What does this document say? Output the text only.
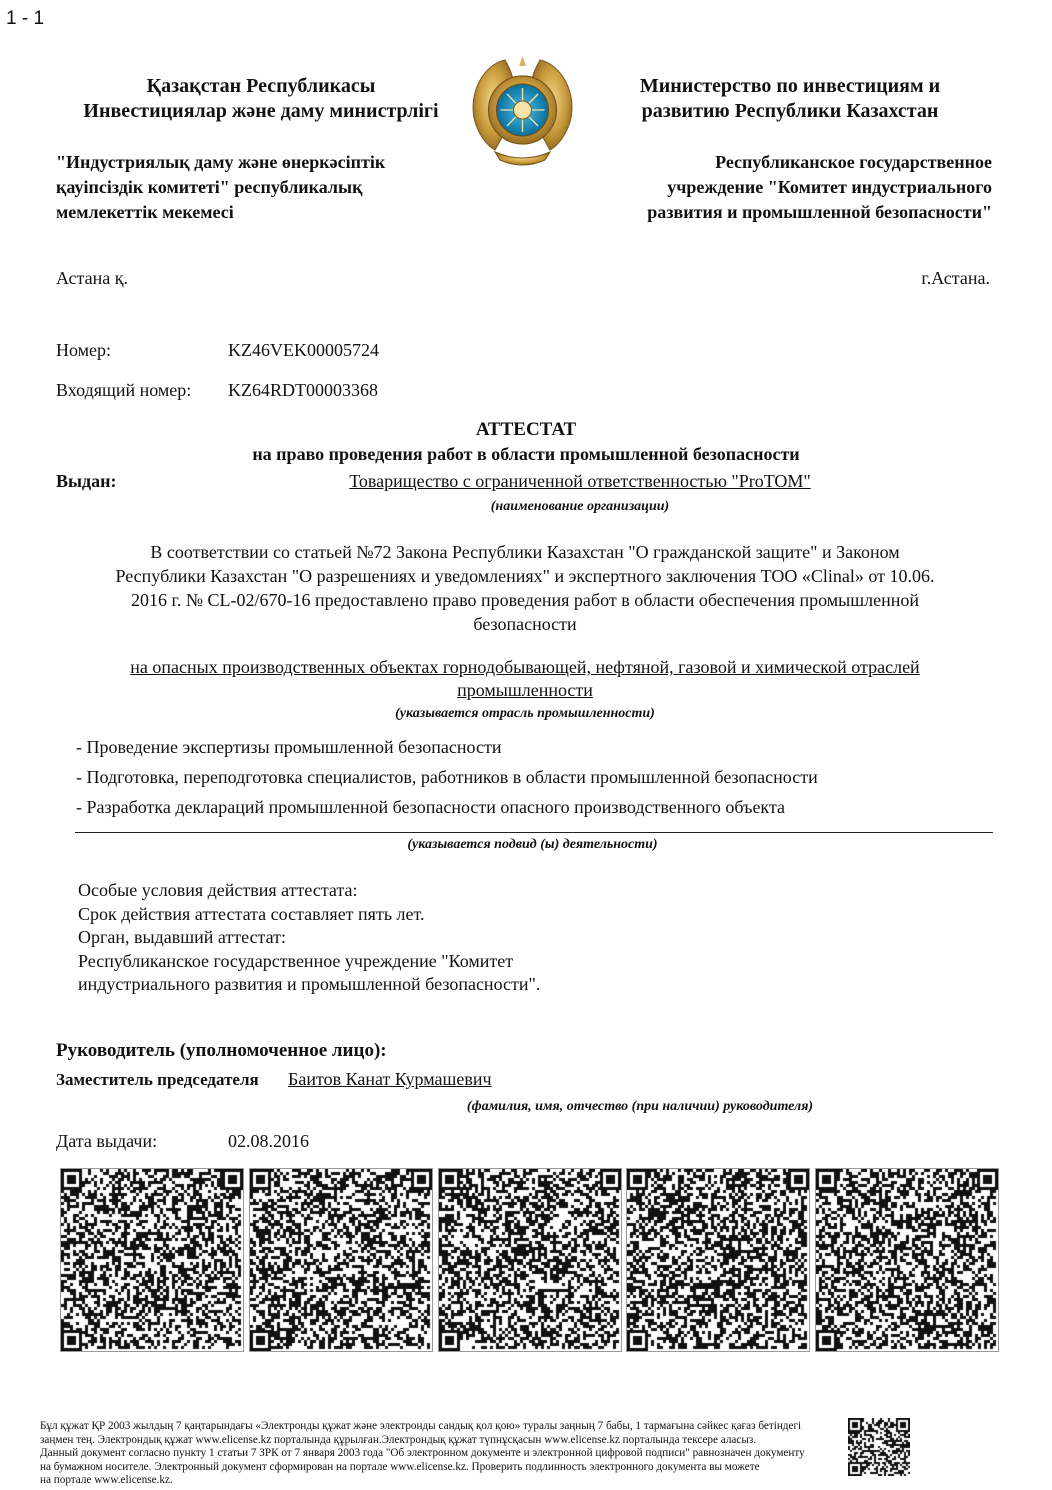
1 - 1
Қазақстан Республикасы
Инвестициялар және даму министрлігі
Министерство по инвестициям и
развитию Республики Казахстан
"Индустриялық даму және өнеркәсіптік
қауіпсіздік комитеті" республикалық
мемлекеттік мекемесі
Республиканское государственное
учреждение "Комитет индустриального
развития и промышленной безопасности"
Астана қ.	г.Астана.
Номер:	KZ46VEK00005724
Входящий номер: KZ64RDT00003368
АТТЕСТАТ
на право проведения работ в области промышленной безопасности
Выдан:	Товарищество с ограниченной ответственностью "ProTOM"
(наименование организации)
В соответствии со статьей №72 Закона Республики Казахстан "О гражданской защите" и Законом
Республики Казахстан "О разрешениях и уведомлениях" и экспертного заключения ТОО «Clinal» от 10.06.
2016 г. № CL-02/670-16 предоставлено право проведения работ в области обеспечения промышленной
безопасности
на опасных производственных объектах горнодобывающей, нефтяной, газовой и химической отраслей
промышленности
(указывается отрасль промышленности)
- Проведение экспертизы промышленной безопасности
- Подготовка, переподготовка специалистов, работников в области промышленной безопасности
- Разработка деклараций промышленной безопасности опасного производственного объекта
(указывается подвид (ы) деятельности)
Особые условия действия аттестата:
Срок действия аттестата составляет пять лет.
Орган, выдавший аттестат:
Республиканское государственное учреждение "Комитет
индустриального развития и промышленной безопасности".
Руководитель (уполномоченное лицо):
Заместитель председателя Баитов Канат Курмашевич
(фамилия, имя, отчество (при наличии) руководителя)
Дата выдачи:	02.08.2016
Бұл құжат ҚР 2003 жылдың 7 қаңтарындағы «Электронды құжат және электронды сандық қол қою» туралы заңның 7 бабы, 1 тармағына сәйкес қағаз бетіндегі
заңмен тең. Электрондық құжат www.elicense.kz порталында құрылған.Электрондық құжат түпнұсқасын www.elicense.kz порталында тексере аласыз.
Данный документ согласно пункту 1 статьи 7 ЗРК от 7 января 2003 года "Об электронном документе и электронной цифровой подписи" равнозначен документу
на бумажном носителе. Электронный документ сформирован на портале www.elicense.kz. Проверить подлинность электронного документа вы можете
на портале www.elicense.kz.
